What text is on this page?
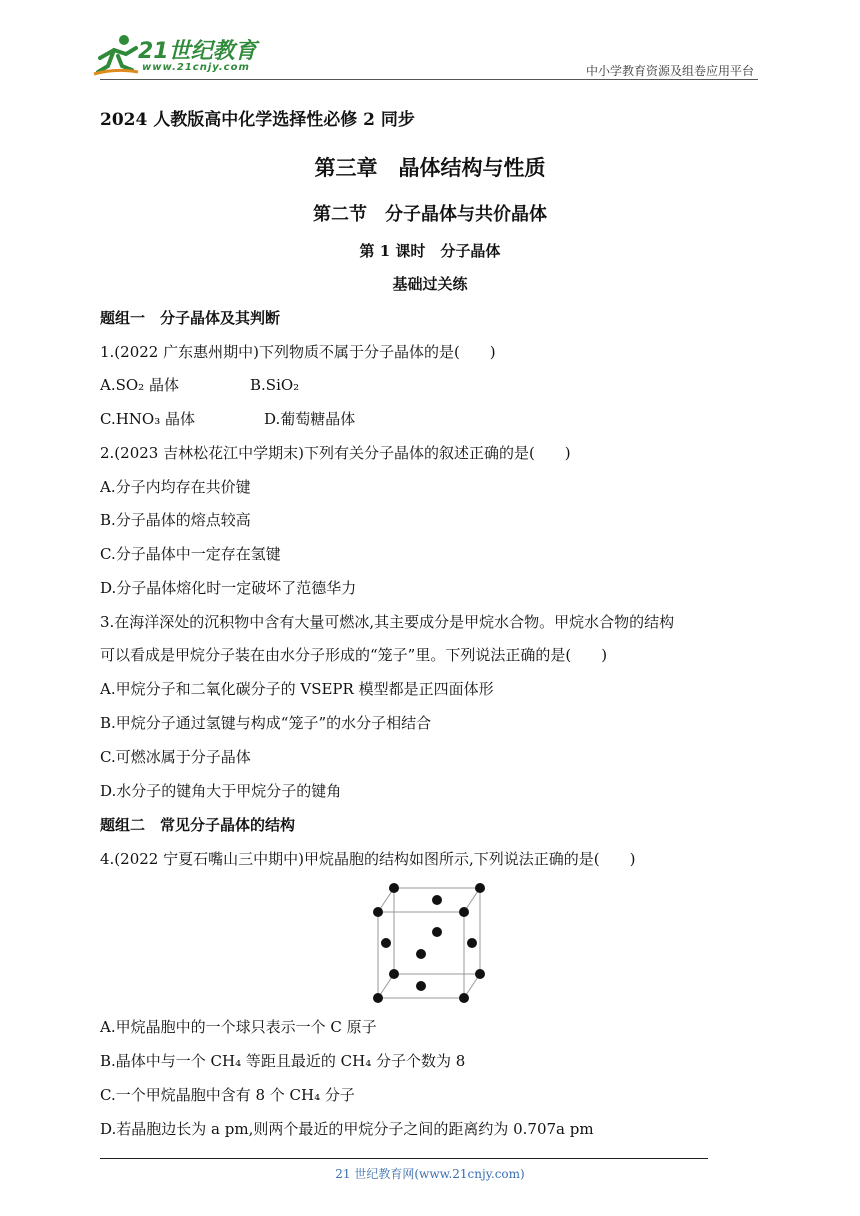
21世纪教育
www.21cnjy.com	中小学教育资源及组卷应用平台
2024 人教版高中化学选择性必修 2 同步
第三章　晶体结构与性质
第二节　分子晶体与共价晶体
第 1 课时　分子晶体
基础过关练
题组一　分子晶体及其判断
1.(2022 广东惠州期中)下列物质不属于分子晶体的是(　　)
A.SO₂ 晶体	B.SiO₂
C.HNO₃ 晶体	D.葡萄糖晶体
2.(2023 吉林松花江中学期末)下列有关分子晶体的叙述正确的是(　　)
A.分子内均存在共价键
B.分子晶体的熔点较高
C.分子晶体中一定存在氢键
D.分子晶体熔化时一定破坏了范德华力
3.在海洋深处的沉积物中含有大量可燃冰,其主要成分是甲烷水合物。甲烷水合物的结构
可以看成是甲烷分子装在由水分子形成的“笼子”里。下列说法正确的是(　　)
A.甲烷分子和二氧化碳分子的 VSEPR 模型都是正四面体形
B.甲烷分子通过氢键与构成“笼子”的水分子相结合
C.可燃冰属于分子晶体
D.水分子的键角大于甲烷分子的键角
题组二　常见分子晶体的结构
4.(2022 宁夏石嘴山三中期中)甲烷晶胞的结构如图所示,下列说法正确的是(　　)
A.甲烷晶胞中的一个球只表示一个 C 原子
B.晶体中与一个 CH₄ 等距且最近的 CH₄ 分子个数为 8
C.一个甲烷晶胞中含有 8 个 CH₄ 分子
D.若晶胞边长为 a pm,则两个最近的甲烷分子之间的距离约为 0.707a pm
21 世纪教育网(www.21cnjy.com)
